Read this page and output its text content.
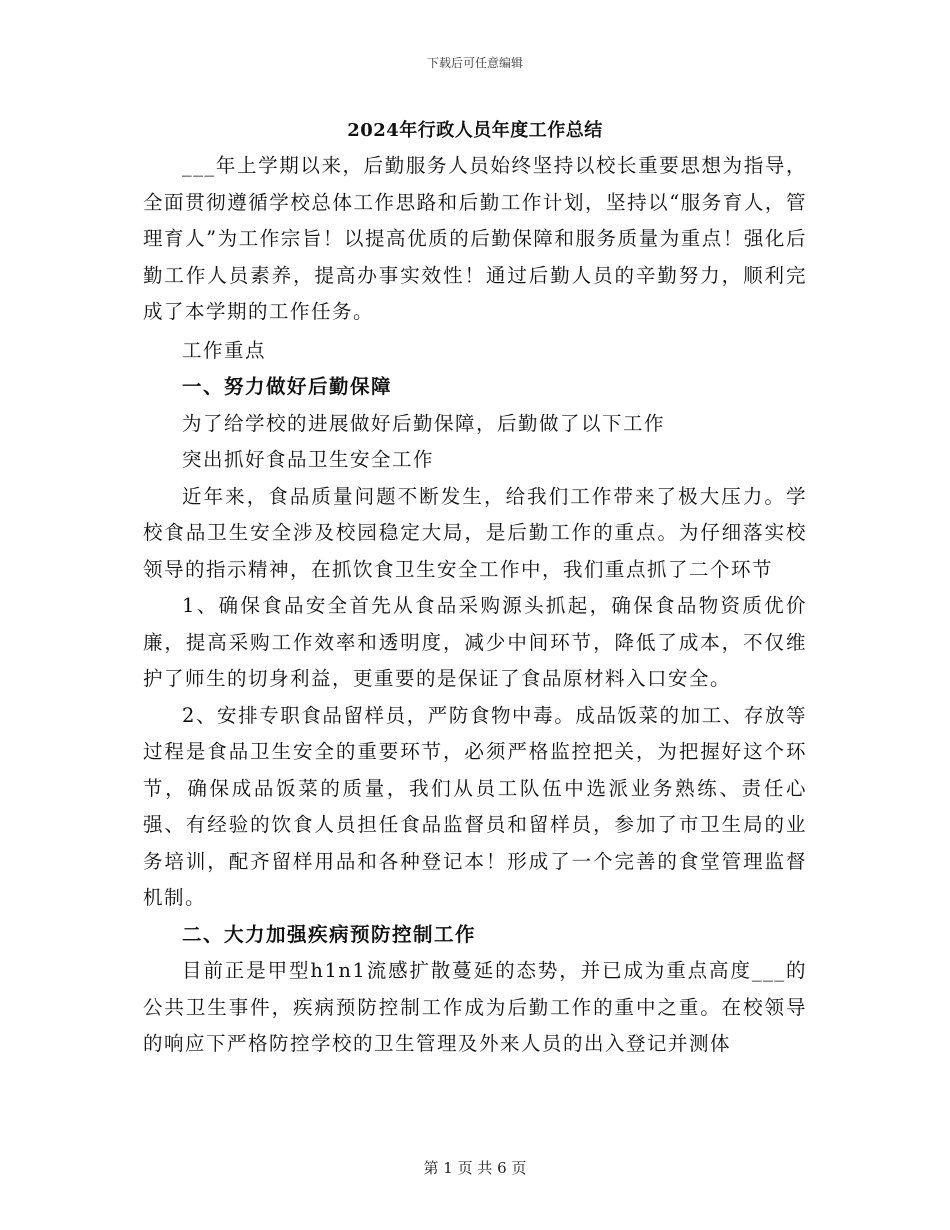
下载后可任意编辑
2024年行政人员年度工作总结

___年上学期以来，后勤服务人员始终坚持以校长重要思想为指导，全面贯彻遵循学校总体工作思路和后勤工作计划，坚持以“服务育人，管理育人”为工作宗旨！以提高优质的后勤保障和服务质量为重点！强化后勤工作人员素养，提高办事实效性！通过后勤人员的辛勤努力，顺利完成了本学期的工作任务。

工作重点

一、努力做好后勤保障

为了给学校的进展做好后勤保障，后勤做了以下工作

突出抓好食品卫生安全工作

近年来，食品质量问题不断发生，给我们工作带来了极大压力。学校食品卫生安全涉及校园稳定大局，是后勤工作的重点。为仔细落实校领导的指示精神，在抓饮食卫生安全工作中，我们重点抓了二个环节

1、确保食品安全首先从食品采购源头抓起，确保食品物资质优价廉，提高采购工作效率和透明度，减少中间环节，降低了成本，不仅维护了师生的切身利益，更重要的是保证了食品原材料入口安全。

2、安排专职食品留样员，严防食物中毒。成品饭菜的加工、存放等过程是食品卫生安全的重要环节，必须严格监控把关，为把握好这个环节，确保成品饭菜的质量，我们从员工队伍中选派业务熟练、责任心强、有经验的饮食人员担任食品监督员和留样员，参加了市卫生局的业务培训，配齐留样用品和各种登记本！形成了一个完善的食堂管理监督机制。

二、大力加强疾病预防控制工作

目前正是甲型h1n1流感扩散蔓延的态势，并已成为重点高度___的公共卫生事件，疾病预防控制工作成为后勤工作的重中之重。在校领导的响应下严格防控学校的卫生管理及外来人员的出入登记并测体

第 1 页 共 6 页
